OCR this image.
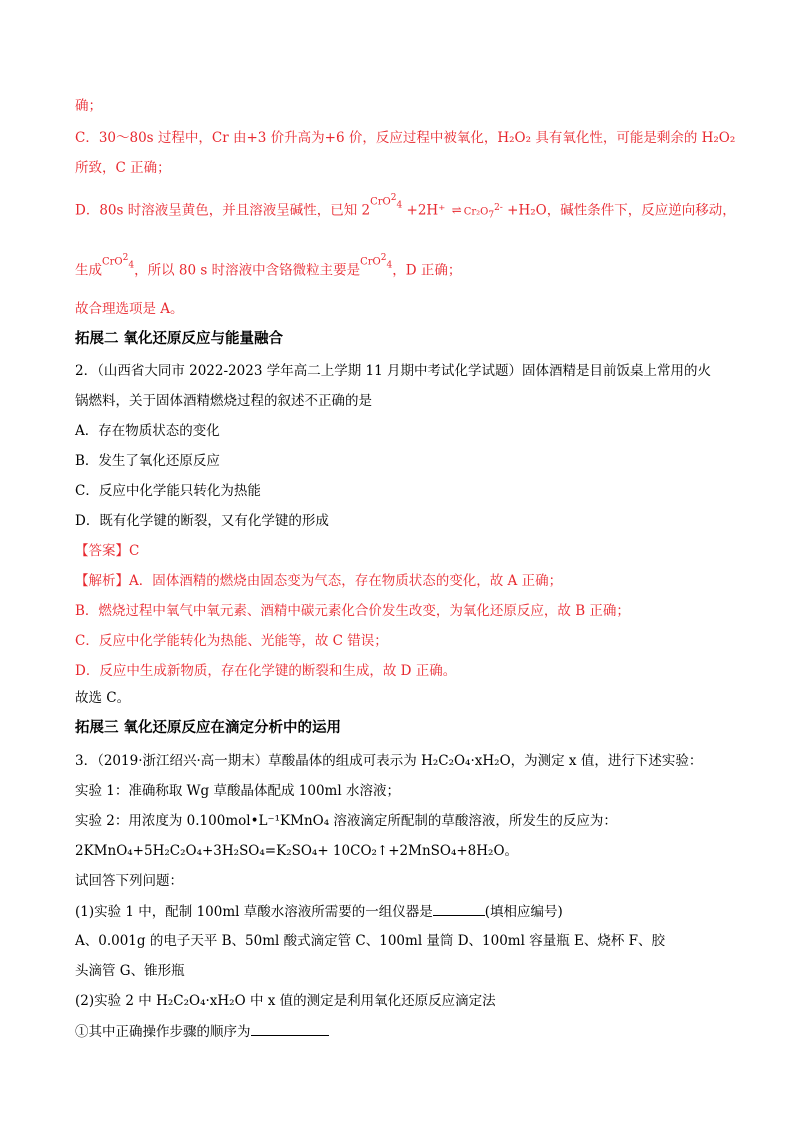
确；
C．30～80s 过程中，Cr 由+3 价升高为+6 价，反应过程中被氧化，H₂O₂ 具有氧化性，可能是剩余的 H₂O₂
所致，C 正确；
D．80s 时溶液呈黄色，并且溶液呈碱性，已知 2CrO$^2_4$ +2H⁺ ⇌ $Cr_2O_7^{2-} +H_2O$，碱性条件下，反应逆向移动，
生成CrO$^2_4$，所以 80 s 时溶液中含铬微粒主要是CrO$^2_4$，D 正确；
故合理选项是 A。
拓展二 氧化还原反应与能量融合
2．（山西省大同市 2022-2023 学年高二上学期 11 月期中考试化学试题）固体酒精是目前饭桌上常用的火
锅燃料，关于固体酒精燃烧过程的叙述不正确的是
A．存在物质状态的变化
B．发生了氧化还原反应
C．反应中化学能只转化为热能
D．既有化学键的断裂，又有化学键的形成
【答案】C
【解析】A．固体酒精的燃烧由固态变为气态，存在物质状态的变化，故 A 正确；
B．燃烧过程中氧气中氧元素、酒精中碳元素化合价发生改变，为氧化还原反应，故 B 正确；
C．反应中化学能转化为热能、光能等，故 C 错误；
D．反应中生成新物质，存在化学键的断裂和生成，故 D 正确。
故选 C。
拓展三 氧化还原反应在滴定分析中的运用
3．（2019·浙江绍兴·高一期末）草酸晶体的组成可表示为 H₂C₂O₄·xH₂O，为测定 x 值，进行下述实验：
实验 1：准确称取 Wg 草酸晶体配成 100ml 水溶液；
实验 2：用浓度为 0.100mol•L⁻¹KMnO₄ 溶液滴定所配制的草酸溶液，所发生的反应为：
2KMnO₄+5H₂C₂O₄+3H₂SO₄=K₂SO₄+ 10CO₂↑+2MnSO₄+8H₂O。
试回答下列问题：
(1)实验 1 中，配制 100ml 草酸水溶液所需要的一组仪器是	(填相应编号)
A、0.001g 的电子天平 B、50ml 酸式滴定管 C、100ml 量筒 D、100ml 容量瓶 E、烧杯 F、胶
头滴管 G、锥形瓶
(2)实验 2 中 H₂C₂O₄·xH₂O 中 x 值的测定是利用氧化还原反应滴定法
①其中正确操作步骤的顺序为
